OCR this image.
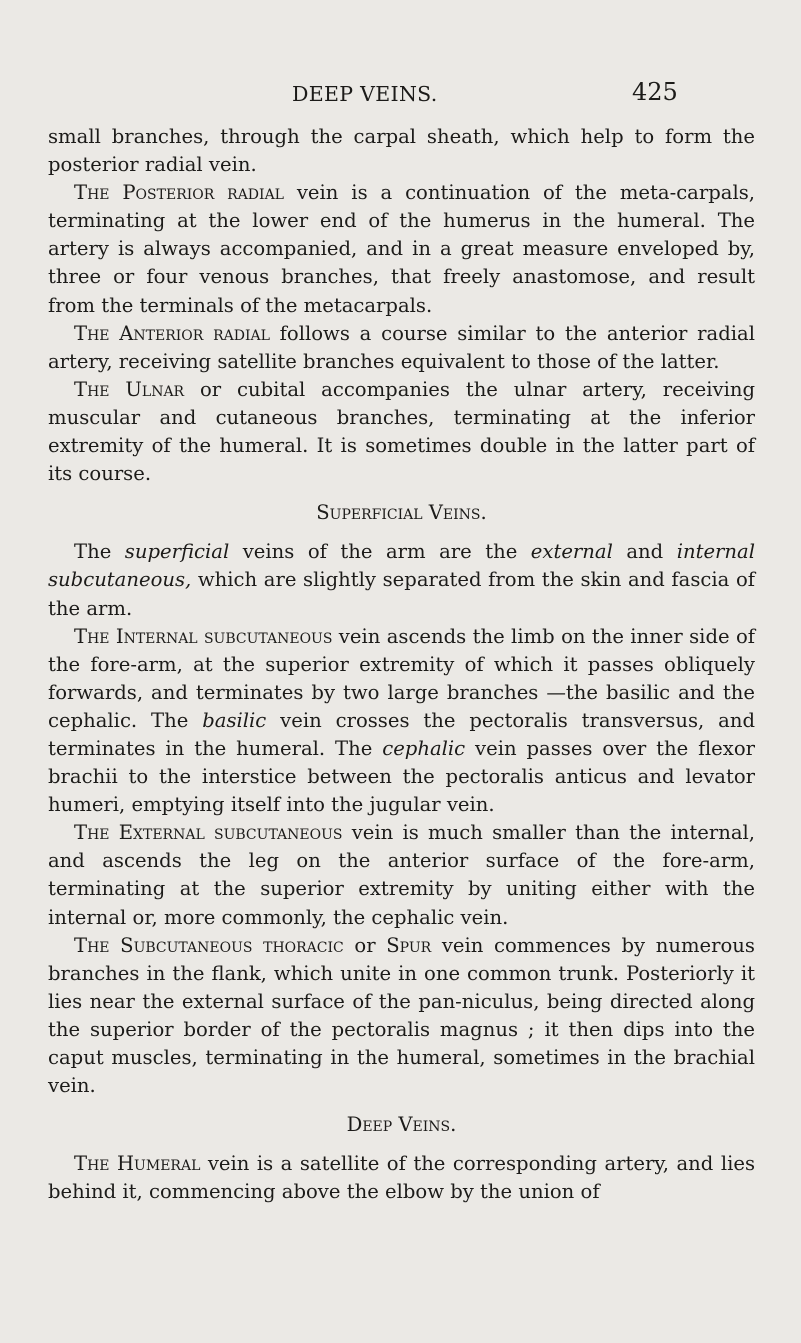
DEEP VEINS.	425

small branches, through the carpal sheath, which help to form the posterior radial vein.

The Posterior radial vein is a continuation of the meta-carpals, terminating at the lower end of the humerus in the humeral. The artery is always accompanied, and in a great measure enveloped by, three or four venous branches, that freely anastomose, and result from the terminals of the metacarpals.

The Anterior radial follows a course similar to the anterior radial artery, receiving satellite branches equivalent to those of the latter.

The Ulnar or cubital accompanies the ulnar artery, receiving muscular and cutaneous branches, terminating at the inferior extremity of the humeral. It is sometimes double in the latter part of its course.

Superficial Veins.

The superficial veins of the arm are the external and internal subcutaneous, which are slightly separated from the skin and fascia of the arm.

The Internal subcutaneous vein ascends the limb on the inner side of the fore-arm, at the superior extremity of which it passes obliquely forwards, and terminates by two large branches —the basilic and the cephalic. The basilic vein crosses the pectoralis transversus, and terminates in the humeral. The cephalic vein passes over the flexor brachii to the interstice between the pectoralis anticus and levator humeri, emptying itself into the jugular vein.

The External subcutaneous vein is much smaller than the internal, and ascends the leg on the anterior surface of the fore-arm, terminating at the superior extremity by uniting either with the internal or, more commonly, the cephalic vein.

The Subcutaneous thoracic or Spur vein commences by numerous branches in the flank, which unite in one common trunk. Posteriorly it lies near the external surface of the pan-niculus, being directed along the superior border of the pectoralis magnus ; it then dips into the caput muscles, terminating in the humeral, sometimes in the brachial vein.

Deep Veins.

The Humeral vein is a satellite of the corresponding artery, and lies behind it, commencing above the elbow by the union of
